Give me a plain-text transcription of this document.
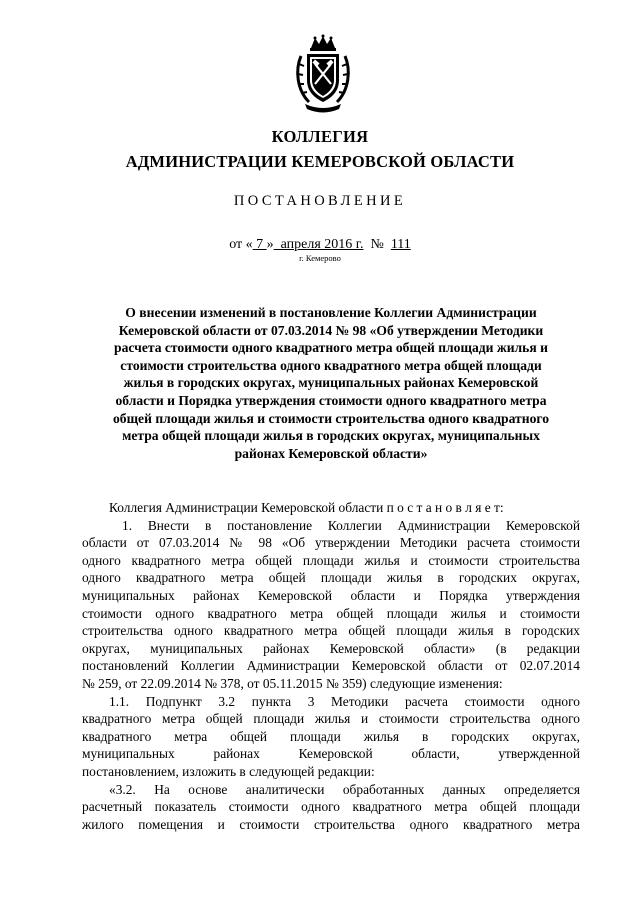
КОЛЛЕГИЯ
АДМИНИСТРАЦИИ КЕМЕРОВСКОЙ ОБЛАСТИ
ПОСТАНОВЛЕНИЕ
от « 7 »  апреля 2016 г.  №  111
г. Кемерово
О внесении изменений в постановление Коллегии Администрации
Кемеровской области от 07.03.2014 № 98 «Об утверждении Методики
расчета стоимости одного квадратного метра общей площади жилья и
стоимости строительства одного квадратного метра общей площади
жилья в городских округах, муниципальных районах Кемеровской
области и Порядка утверждения стоимости одного квадратного метра
общей площади жилья и стоимости строительства одного квадратного
метра общей площади жилья в городских округах, муниципальных
районах Кемеровской области»
Коллегия Администрации Кемеровской области п о с т а н о в л я е т:
1. Внести в постановление Коллегии Администрации Кемеровской
области от 07.03.2014 № 98 «Об утверждении Методики расчета стоимости
одного квадратного метра общей площади жилья и стоимости строительства
одного квадратного метра общей площади жилья в городских округах,
муниципальных районах Кемеровской области и Порядка утверждения
стоимости одного квадратного метра общей площади жилья и стоимости
строительства одного квадратного метра общей площади жилья в городских
округах, муниципальных районах Кемеровской области» (в редакции
постановлений Коллегии Администрации Кемеровской области от 02.07.2014
№ 259, от 22.09.2014 № 378, от 05.11.2015 № 359) следующие изменения:
1.1. Подпункт 3.2 пункта 3 Методики расчета стоимости одного
квадратного метра общей площади жилья и стоимости строительства одного
квадратного метра общей площади жилья в городских округах,
муниципальных районах Кемеровской области, утвержденной
постановлением, изложить в следующей редакции:
«3.2. На основе аналитически обработанных данных определяется
расчетный показатель стоимости одного квадратного метра общей площади
жилого помещения и стоимости строительства одного квадратного метра
